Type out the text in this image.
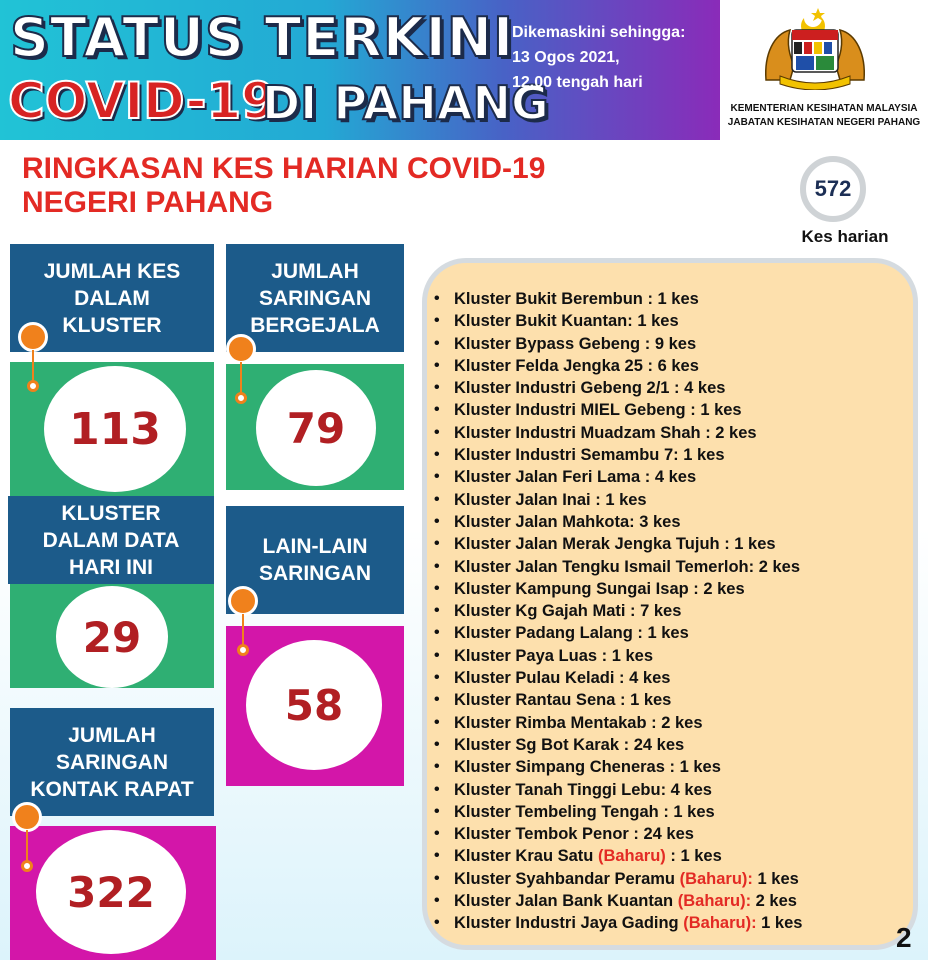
STATUS TERKINI
COVID-19
DI PAHANG
Dikemaskini sehingga:
13 Ogos 2021,
12.00 tengah hari
KEMENTERIAN KESIHATAN MALAYSIA
JABATAN KESIHATAN NEGERI PAHANG
RINGKASAN KES HARIAN COVID-19
NEGERI PAHANG	572
Kes harian
JUMLAH KES
DALAM
KLUSTER
113
JUMLAH
SARINGAN
BERGEJALA
79
KLUSTER
DALAM DATA
HARI INI
29
LAIN-LAIN
SARINGAN
58
JUMLAH
SARINGAN
KONTAK RAPAT
322
• Kluster Bukit Berembun : 1 kes
• Kluster Bukit Kuantan: 1 kes
• Kluster Bypass Gebeng : 9 kes
• Kluster Felda Jengka 25 : 6 kes
• Kluster Industri Gebeng 2/1 : 4 kes
• Kluster Industri MIEL Gebeng : 1 kes
• Kluster Industri Muadzam Shah : 2 kes
• Kluster Industri Semambu 7: 1 kes
• Kluster Jalan Feri Lama : 4 kes
• Kluster Jalan Inai : 1 kes
• Kluster Jalan Mahkota: 3 kes
• Kluster Jalan Merak Jengka Tujuh : 1 kes
• Kluster Jalan Tengku Ismail Temerloh: 2 kes
• Kluster Kampung Sungai Isap : 2 kes
• Kluster Kg Gajah Mati : 7 kes
• Kluster Padang Lalang : 1 kes
• Kluster Paya Luas : 1 kes
• Kluster Pulau Keladi : 4 kes
• Kluster Rantau Sena : 1 kes
• Kluster Rimba Mentakab : 2 kes
• Kluster Sg Bot Karak : 24 kes
• Kluster Simpang Cheneras : 1 kes
• Kluster Tanah Tinggi Lebu: 4 kes
• Kluster Tembeling Tengah : 1 kes
• Kluster Tembok Penor : 24 kes
• Kluster Krau Satu (Baharu) : 1 kes
• Kluster Syahbandar Peramu (Baharu): 1 kes
• Kluster Jalan Bank Kuantan (Baharu): 2 kes
• Kluster Industri Jaya Gading (Baharu): 1 kes	2
